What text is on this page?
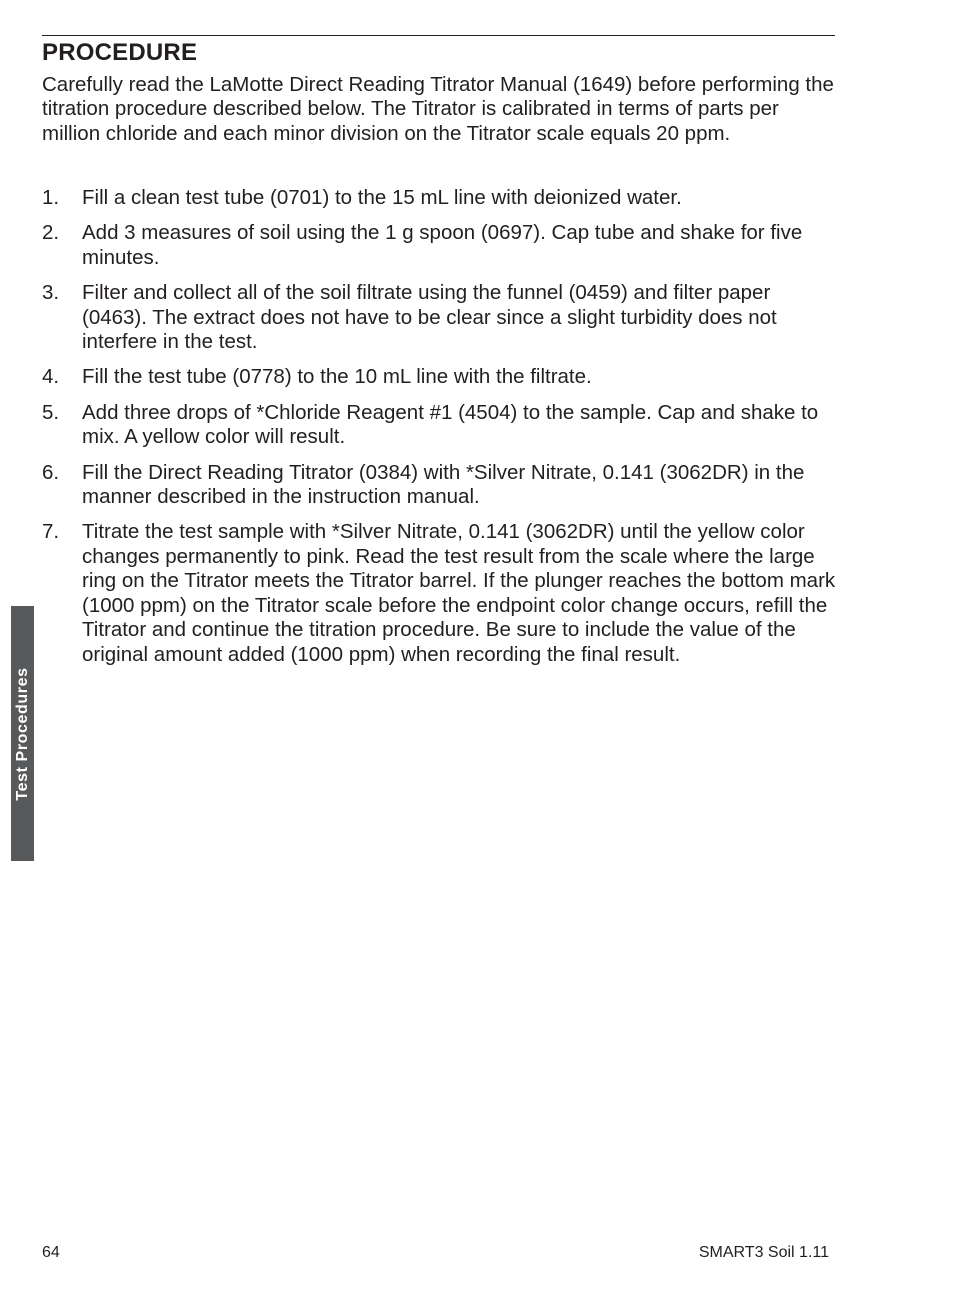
PROCEDURE

Carefully read the LaMotte Direct Reading Titrator Manual (1649) before performing the titration procedure described below. The Titrator is calibrated in terms of parts per million chloride and each minor division on the Titrator scale equals 20 ppm.

1. Fill a clean test tube (0701) to the 15 mL line with deionized water.
2. Add 3 measures of soil using the 1 g spoon (0697). Cap tube and shake for five minutes.
3. Filter and collect all of the soil filtrate using the funnel (0459) and filter paper (0463). The extract does not have to be clear since a slight turbidity does not interfere in the test.
4. Fill the test tube (0778) to the 10 mL line with the filtrate.
5. Add three drops of *Chloride Reagent #1 (4504) to the sample. Cap and shake to mix. A yellow color will result.
6. Fill the Direct Reading Titrator (0384) with *Silver Nitrate, 0.141 (3062DR) in the manner described in the instruction manual.
7. Titrate the test sample with *Silver Nitrate, 0.141 (3062DR) until the yellow color changes permanently to pink. Read the test result from the scale where the large ring on the Titrator meets the Titrator barrel. If the plunger reaches the bottom mark (1000 ppm) on the Titrator scale before the endpoint color change occurs, refill the Titrator and continue the titration procedure. Be sure to include the value of the original amount added (1000 ppm) when recording the final result.
Test Procedures
64	SMART3 Soil 1.11
